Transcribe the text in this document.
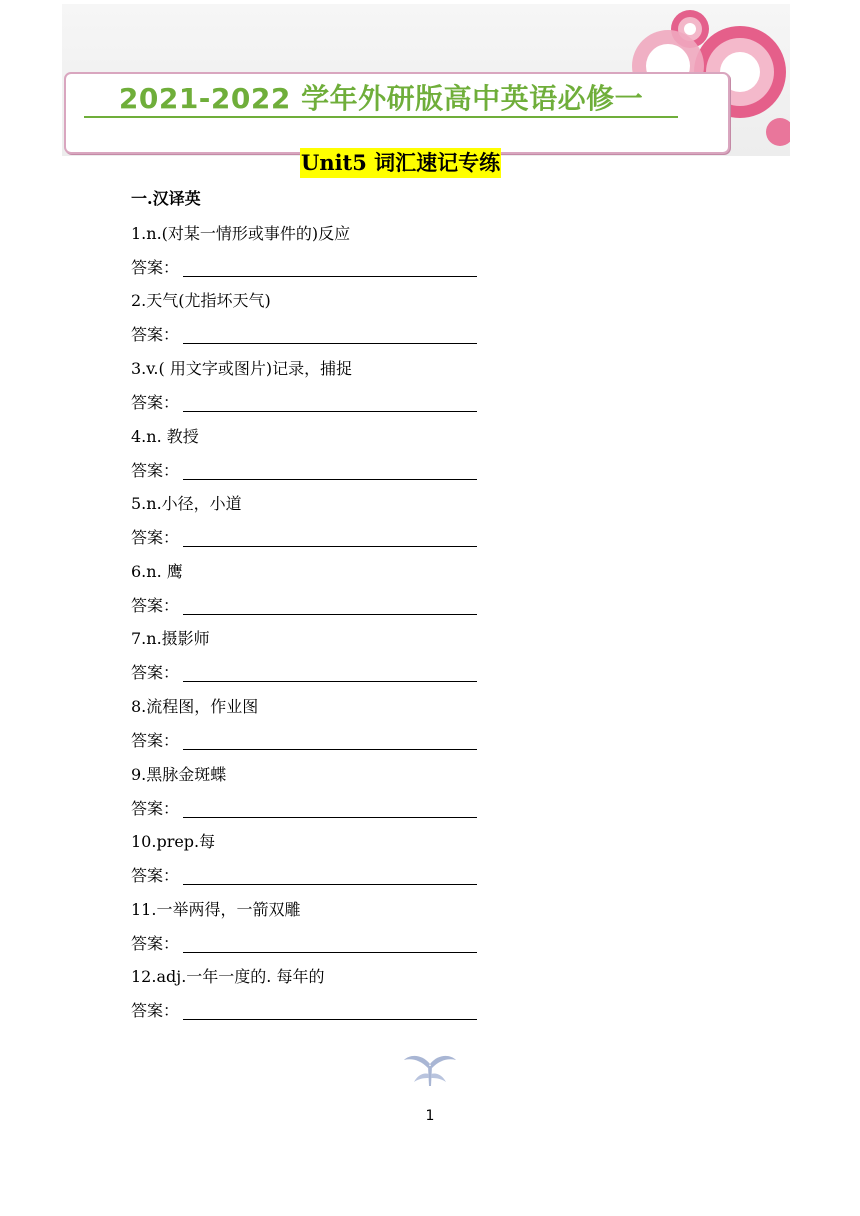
2021-2022 学年外研版高中英语必修一
Unit5 词汇速记专练
一.汉译英
1.n.(对某一情形或事件的)反应
答案：
2.天气(尤指坏天气)
答案：
3.v.( 用文字或图片)记录，捕捉
答案：
4.n. 教授
答案：
5.n.小径，小道
答案：
6.n. 鹰
答案：
7.n.摄影师
答案：
8.流程图，作业图
答案：
9.黑脉金斑蝶
答案：
10.prep.每
答案：
11.一举两得，一箭双雕
答案：
12.adj.一年一度的. 每年的
答案：
1
